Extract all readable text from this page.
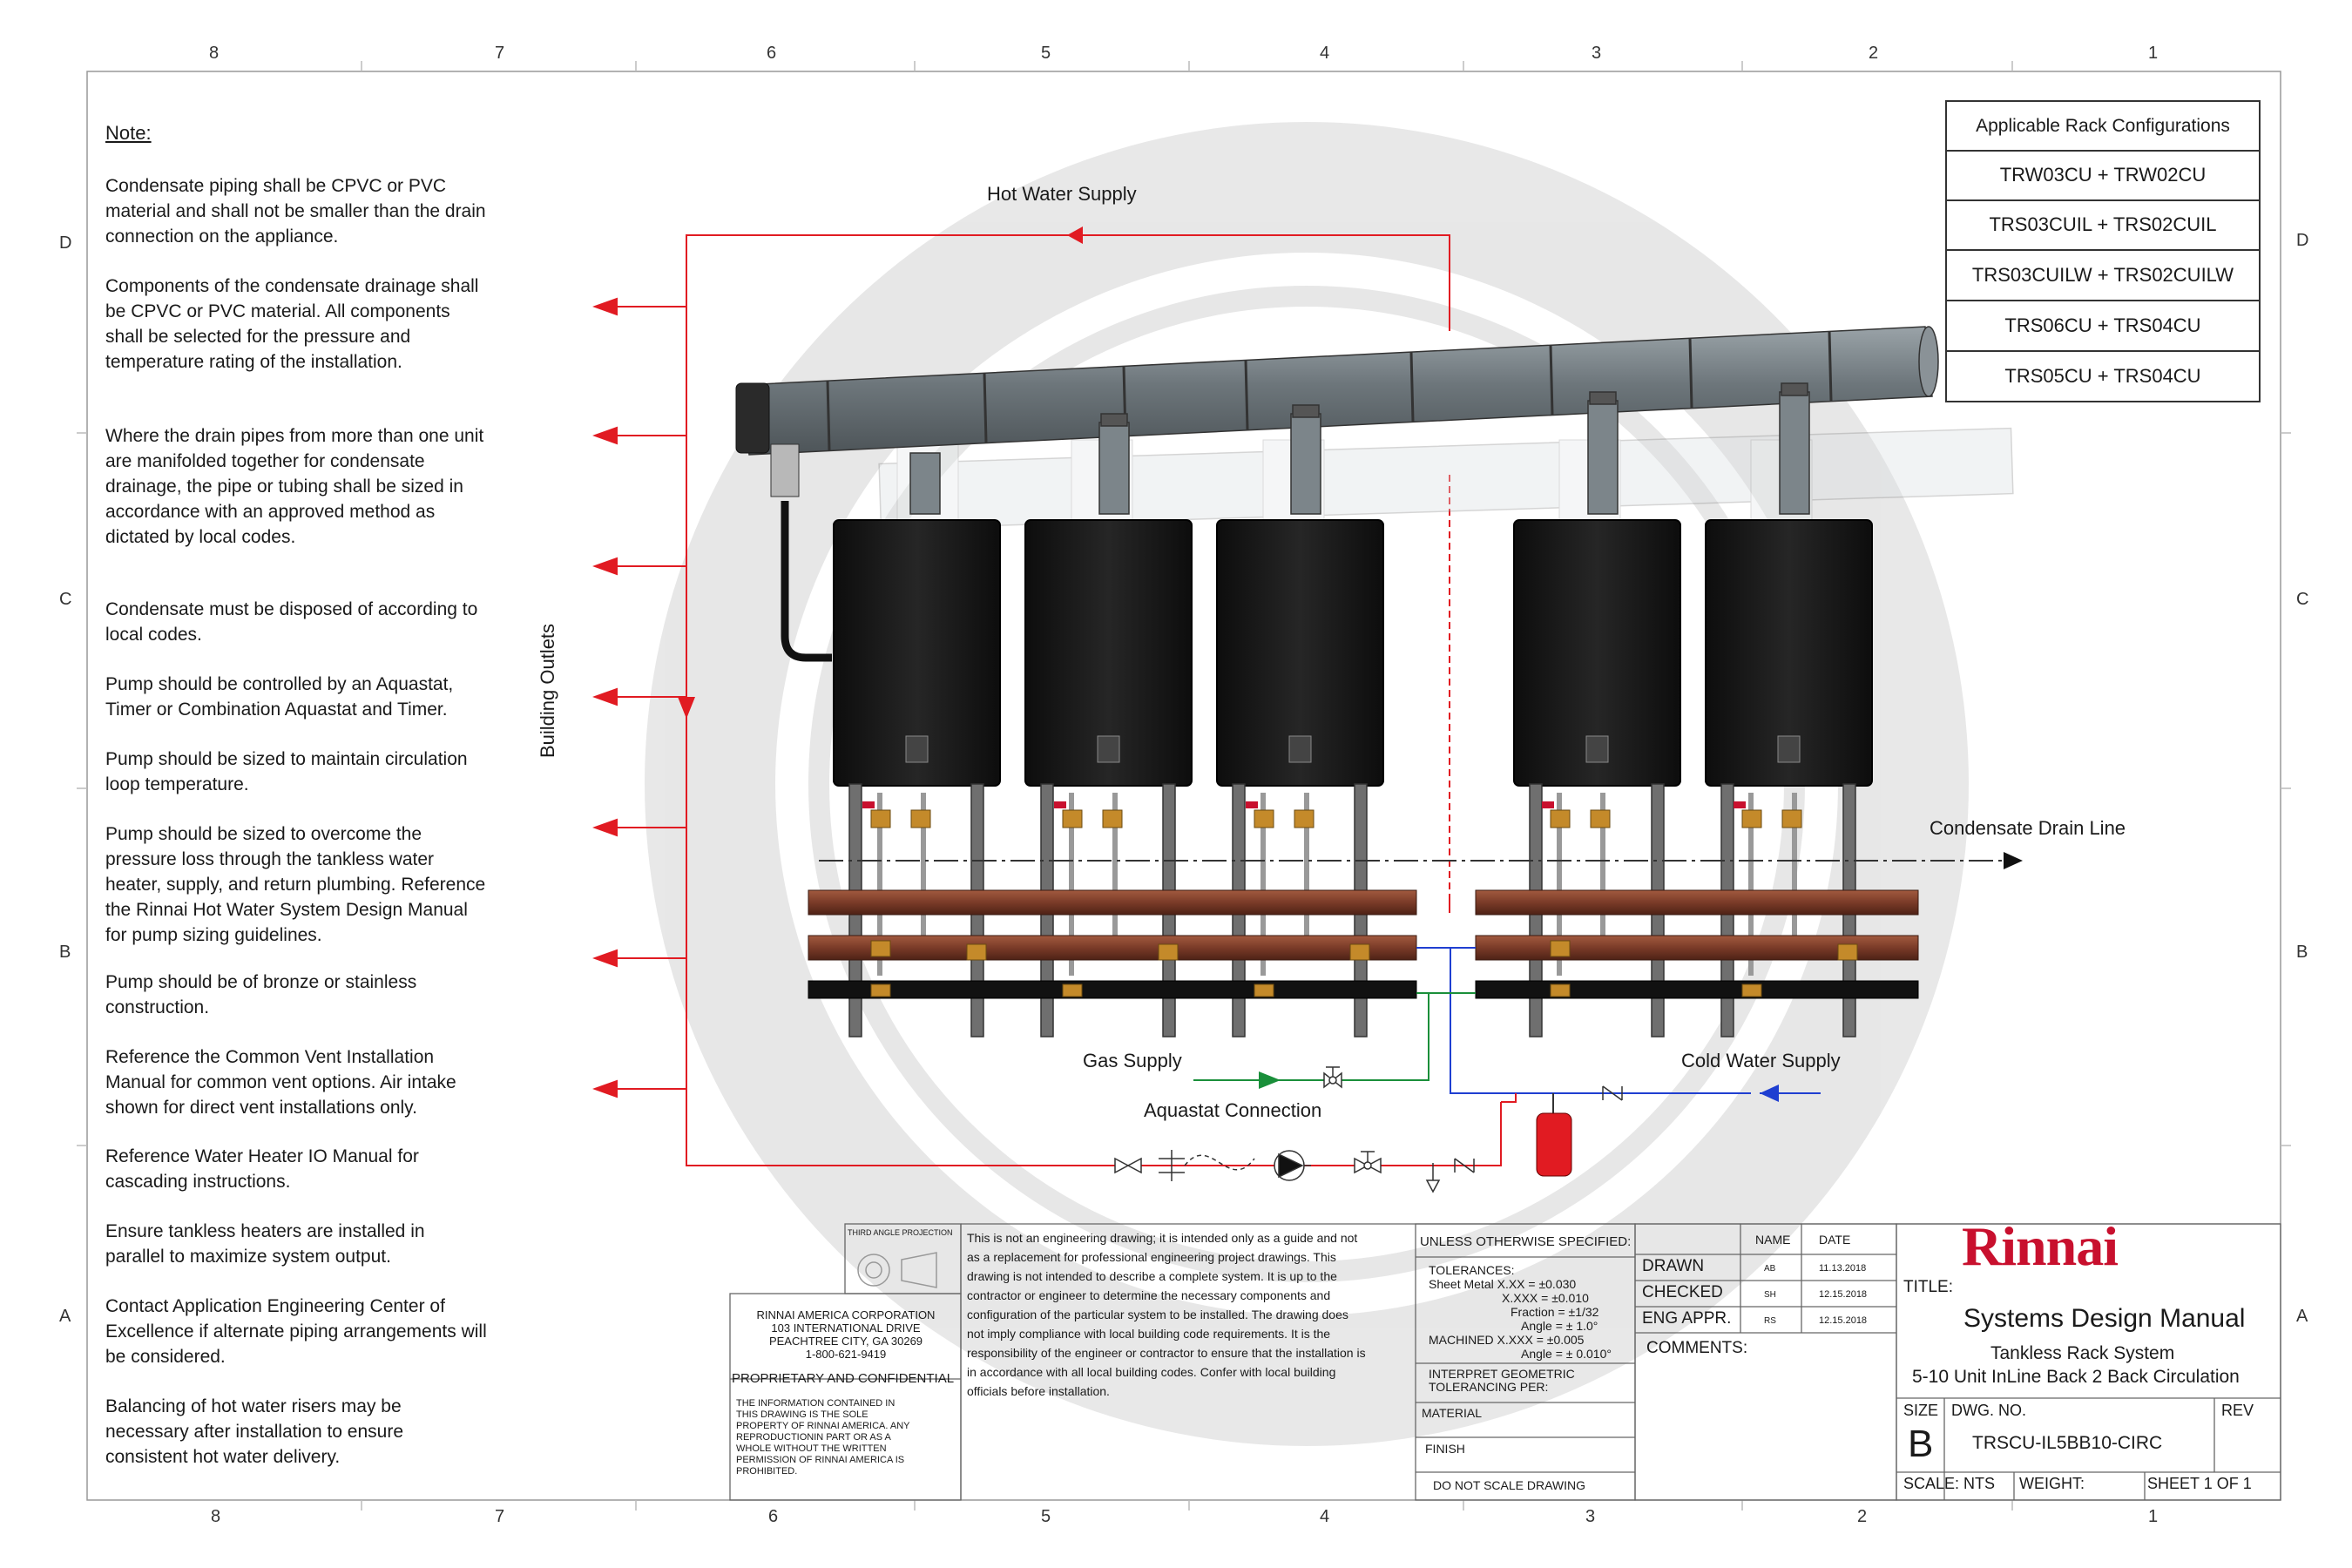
8	7	6	5	4	3	2	1
8	7	6	5	4	3	2	1
D
C
B
A
D
C
B
A
Note:
Condensate piping shall be CPVC or PVC material and shall not be smaller than the drain connection on the appliance.
Components of the condensate drainage shall be CPVC or PVC material. All components shall be selected for the pressure and temperature rating of the installation.
Where the drain pipes from more than one unit are manifolded together for condensate drainage, the pipe or tubing shall be sized in accordance with an approved method as dictated by local codes.
Condensate must be disposed of according to local codes.
Pump should be controlled by an Aquastat, Timer or Combination Aquastat and Timer.
Pump should be sized to maintain circulation loop temperature.
Pump should be sized to overcome the pressure loss through the tankless water heater, supply, and return plumbing. Reference the Rinnai Hot Water System Design Manual for pump sizing guidelines.
Pump should be of bronze or stainless construction.
Reference the Common Vent Installation Manual for common vent options. Air intake shown for direct vent installations only.
Reference Water Heater IO Manual for cascading instructions.
Ensure tankless heaters are installed in parallel to maximize system output.
Contact Application Engineering Center of Excellence if alternate piping arrangements will be considered.
Balancing of hot water risers may be necessary after installation to ensure consistent hot water delivery.
Applicable Rack Configurations
TRW03CU + TRW02CU
TRS03CUIL + TRS02CUIL
TRS03CUILW + TRS02CUILW
TRS06CU + TRS04CU
TRS05CU + TRS04CU
Hot Water Supply
Building Outlets
Condensate Drain Line
Gas Supply	Cold Water Supply
Aquastat Connection
THIRD ANGLE PROJECTION
RINNAI AMERICA CORPORATION
103 INTERNATIONAL DRIVE
PEACHTREE CITY, GA 30269
1-800-621-9419
PROPRIETARY AND CONFIDENTIAL
THE INFORMATION CONTAINED IN
THIS DRAWING IS THE SOLE
PROPERTY OF RINNAI AMERICA. ANY
REPRODUCTIONIN PART OR AS A
WHOLE WITHOUT THE WRITTEN
PERMISSION OF RINNAI AMERICA IS
PROHIBITED.
This is not an engineering drawing; it is intended only as a guide and not
as a replacement for professional engineering project drawings. This
drawing is not intended to describe a complete system. It is up to the
contractor or engineer to determine the necessary components and
configuration of the particular system to be installed. The drawing does
not imply compliance with local building code requirements. It is the
responsibility of the engineer or contractor to ensure that the installation is
in accordance with all local building codes. Confer with local building
officials before installation.
UNLESS OTHERWISE SPECIFIED:
TOLERANCES:
Sheet Metal X.XX = ±0.030
X.XXX = ±0.010
Fraction = ±1/32
Angle = ± 1.0°
MACHINED X.XXX = ±0.005
Angle = ± 0.010°
INTERPRET GEOMETRIC
TOLERANCING PER:
MATERIAL
FINISH
DO NOT SCALE DRAWING
NAME DATE
DRAWN	AB	11.13.2018
CHECKED	SH	12.15.2018
ENG APPR.	RS	12.15.2018
COMMENTS:
Rinnai
TITLE:
Systems Design Manual
Tankless Rack System
5-10 Unit InLine Back 2 Back Circulation
SIZE
B
DWG. NO.
TRSCU-IL5BB10-CIRC
REV
SCALE: NTS WEIGHT:	SHEET 1 OF 1
